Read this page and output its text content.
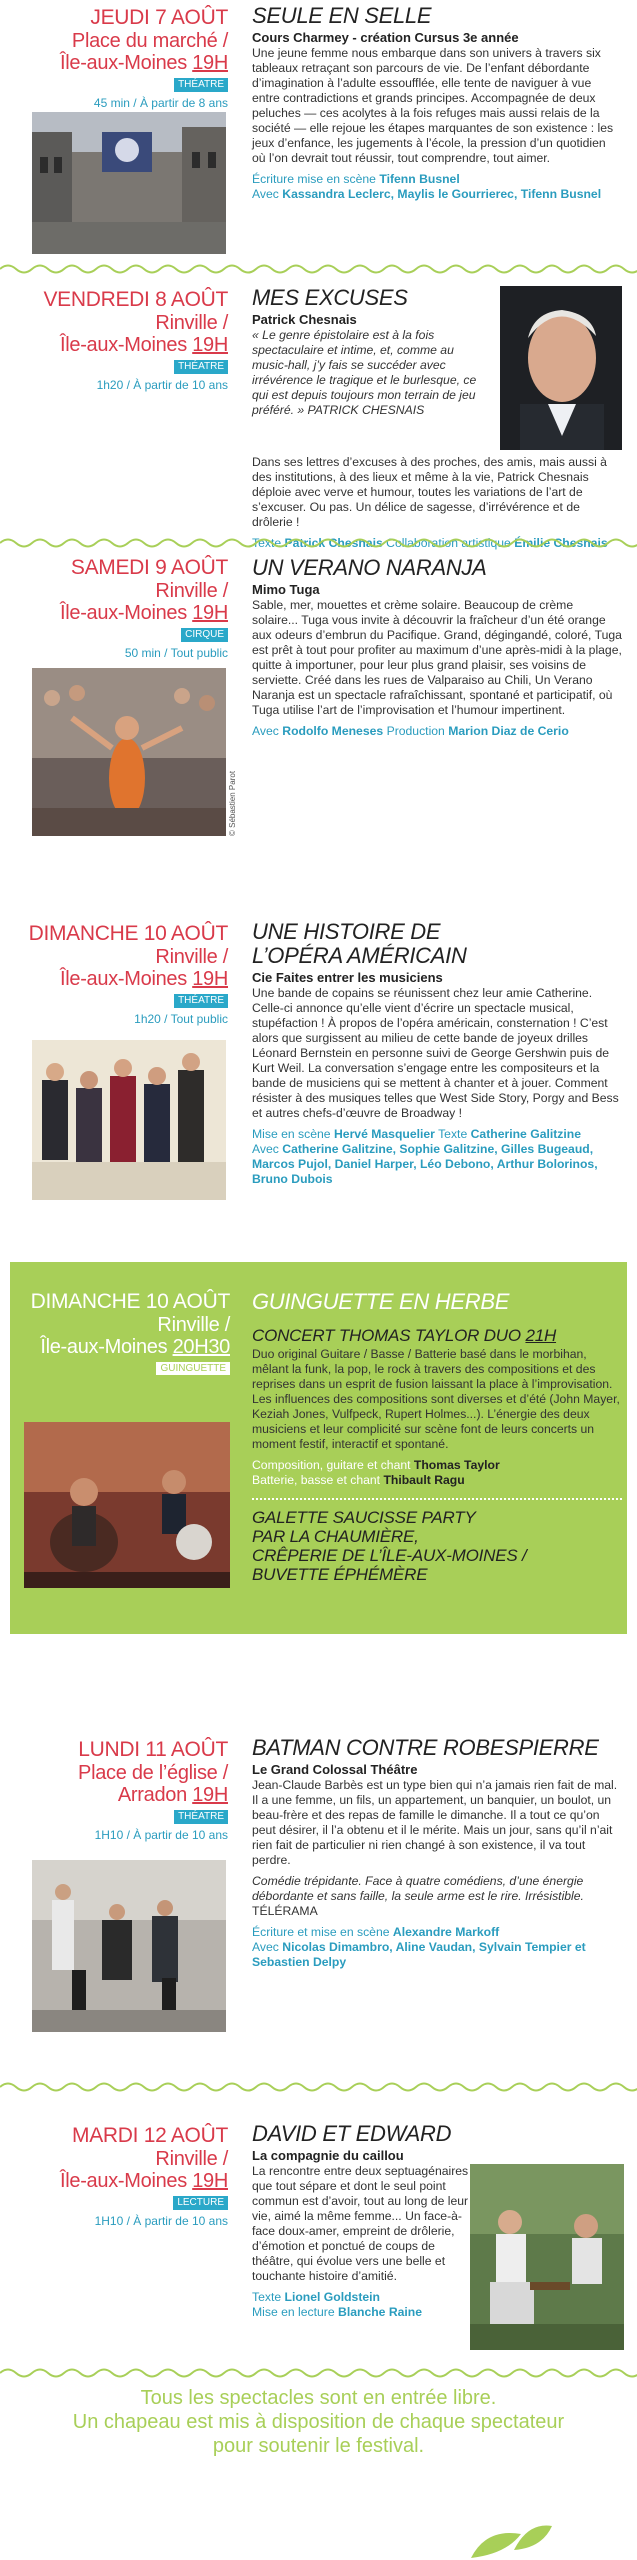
JEUDI 7 AOÛT
Place du marché /
Île-aux-Moines 19H
THÉATRE
45 min / À partir de 8 ans
SEULE EN SELLE
Cours Charmey - création Cursus 3e année
Une jeune femme nous embarque dans son univers à travers six tableaux retraçant son parcours de vie. De l’enfant débordante d’imagination à l’adulte essoufflée, elle tente de naviguer à vue entre contradictions et grands principes. Accompagnée de deux peluches — ces acolytes à la fois refuges mais aussi relais de la société — elle rejoue les étapes marquantes de son existence : les jeux d’enfance, les jugements à l’école, la pression d’un quotidien où l’on devrait tout réussir, tout comprendre, tout aimer.
Écriture mise en scène Tifenn Busnel
Avec Kassandra Leclerc, Maylis le Gourrierec, Tifenn Busnel
VENDREDI 8 AOÛT
Rinville /
Île-aux-Moines 19H
THÉATRE
1h20 / À partir de 10 ans
MES EXCUSES
Patrick Chesnais
« Le genre épistolaire est à la fois spectaculaire et intime, et, comme au music-hall, j’y fais se succéder avec irrévérence le tragique et le burlesque, ce qui est depuis toujours mon terrain de jeu préféré. » PATRICK CHESNAIS
Dans ses lettres d’excuses à des proches, des amis, mais aussi à des institutions, à des lieux et même à la vie, Patrick Chesnais déploie avec verve et humour, toutes les variations de l’art de s’excuser. Ou pas. Un délice de sagesse, d’irrévérence et de drôlerie !
Texte Patrick Chesnais Collaboration artistique Émilie Chesnais
SAMEDI 9 AOÛT
Rinville /
Île-aux-Moines 19H
CIRQUE
50 min / Tout public
UN VERANO NARANJA
Mimo Tuga
Sable, mer, mouettes et crème solaire. Beaucoup de crème solaire... Tuga vous invite à découvrir la fraîcheur d’un été orange aux odeurs d’embrun du Pacifique. Grand, dégingandé, coloré, Tuga est prêt à tout pour profiter au maximum d’une après-midi à la plage, quitte à importuner, pour leur plus grand plaisir, ses voisins de serviette. Créé dans les rues de Valparaiso au Chili, Un Verano Naranja est un spectacle rafraîchissant, spontané et participatif, où Tuga utilise l’art de l’improvisation et l’humour impertinent.
Avec Rodolfo Meneses Production Marion Diaz de Cerio
© Sébastien Parot
DIMANCHE 10 AOÛT
Rinville /
Île-aux-Moines 19H
THÉATRE
1h20 / Tout public
UNE HISTOIRE DE
L’OPÉRA AMÉRICAIN
Cie Faites entrer les musiciens
Une bande de copains se réunissent chez leur amie Catherine. Celle-ci annonce qu’elle vient d’écrire un spectacle musical, stupéfaction ! À propos de l’opéra américain, consternation ! C’est alors que surgissent au milieu de cette bande de joyeux drilles Léonard Bernstein en personne suivi de George Gershwin puis de Kurt Weil. La conversation s’engage entre les compositeurs et la bande de musiciens qui se mettent à chanter et à jouer. Comment résister à des musiques telles que West Side Story, Porgy and Bess et autres chefs-d’œuvre de Broadway !
Mise en scène Hervé Masquelier Texte Catherine Galitzine
Avec Catherine Galitzine, Sophie Galitzine, Gilles Bugeaud, Marcos Pujol, Daniel Harper, Léo Debono, Arthur Bolorinos, Bruno Dubois
DIMANCHE 10 AOÛT
Rinville /
Île-aux-Moines 20H30
GUINGUETTE
GUINGUETTE EN HERBE
CONCERT THOMAS TAYLOR DUO 21H
Duo original Guitare / Basse / Batterie basé dans le morbihan, mêlant la funk, la pop, le rock à travers des compositions et des reprises dans un esprit de fusion laissant la place à l’improvisation. Les influences des compositions sont diverses et d’été (John Mayer, Keziah Jones, Vulfpeck, Rupert Holmes...). L’énergie des deux musiciens et leur complicité sur scène font de leurs concerts un moment festif, interactif et spontané.
Composition, guitare et chant Thomas Taylor
Batterie, basse et chant Thibault Ragu
GALETTE SAUCISSE PARTY
PAR LA CHAUMIÈRE,
CRÊPERIE DE L’ÎLE-AUX-MOINES /
BUVETTE ÉPHÉMÈRE
LUNDI 11 AOÛT
Place de l’église /
Arradon 19H
THÉATRE
1H10 / À partir de 10 ans
BATMAN CONTRE ROBESPIERRE
Le Grand Colossal Théâtre
Jean-Claude Barbès est un type bien qui n’a jamais rien fait de mal. Il a une femme, un fils, un appartement, un banquier, un boulot, un beau-frère et des repas de famille le dimanche. Il a tout ce qu’on peut désirer, il l’a obtenu et il le mérite. Mais un jour, sans qu’il n’ait rien fait de particulier ni rien changé à son existence, il va tout perdre.
Comédie trépidante. Face à quatre comédiens, d’une énergie débordante et sans faille, la seule arme est le rire. Irrésistible.
TÉLÉRAMA
Écriture et mise en scène Alexandre Markoff
Avec Nicolas Dimambro, Aline Vaudan, Sylvain Tempier et Sebastien Delpy
MARDI 12 AOÛT
Rinville /
Île-aux-Moines 19H
LECTURE
1H10 / À partir de 10 ans
DAVID ET EDWARD
La compagnie du caillou
La rencontre entre deux septuagénaires que tout sépare et dont le seul point commun est d’avoir, tout au long de leur vie, aimé la même femme... Un face-à-face doux-amer, empreint de drôlerie, d’émotion et ponctué de coups de théâtre, qui évolue vers une belle et touchante histoire d’amitié.
Texte Lionel Goldstein
Mise en lecture Blanche Raine
Tous les spectacles sont en entrée libre.
Un chapeau est mis à disposition de chaque spectateur
pour soutenir le festival.
